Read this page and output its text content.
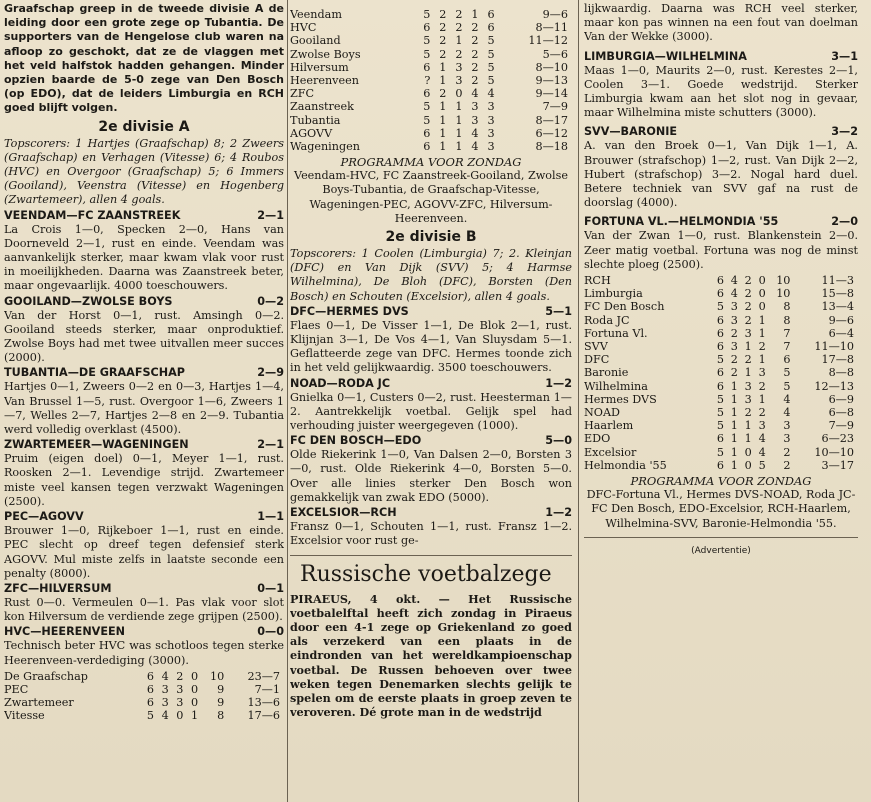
Graafschap greep in de tweede divisie A de leiding door een grote zege op Tubantia. De supporters van de Hengelose club waren na afloop zo geschokt, dat ze de vlaggen met het veld halfstok hadden gehangen. Minder opzien baarde de 5-0 zege van Den Bosch (op EDO), dat de leiders Limburgia en RCH goed blijft volgen.

2e divisie A

Topscorers: 1 Hartjes (Graafschap) 8; 2 Zweers (Graafschap) en Verhagen (Vitesse) 6; 4 Roubos (HVC) en Overgoor (Graafschap) 5; 6 Immers (Gooiland), Veenstra (Vitesse) en Hogenberg (Zwartemeer), allen 4 goals.

VEENDAM—FC ZAANSTREEK	2—1

La Crois 1—0, Specken 2—0, Hans van Doorneveld 2—1, rust en einde. Veendam was aanvankelijk sterker, maar kwam vlak voor rust in moeilijkheden. Daarna was Zaanstreek beter, maar ongevaarlijk. 4000 toeschouwers.

GOOILAND—ZWOLSE BOYS	0—2

Van der Horst 0—1, rust. Amsingh 0—2. Gooiland steeds sterker, maar onproduktief. Zwolse Boys had met twee uitvallen meer succes (2000).

TUBANTIA—DE GRAAFSCHAP	2—9

Hartjes 0—1, Zweers 0—2 en 0—3, Hartjes 1—4, Van Brussel 1—5, rust. Overgoor 1—6, Zweers 1—7, Welles 2—7, Hartjes 2—8 en 2—9. Tubantia werd volledig overklast (4500).

ZWARTEMEER—WAGENINGEN	2—1

Pruim (eigen doel) 0—1, Meyer 1—1, rust. Roosken 2—1. Levendige strijd. Zwartemeer miste veel kansen tegen verzwakt Wageningen (2500).

PEC—AGOVV	1—1

Brouwer 1—0, Rijkeboer 1—1, rust en einde. PEC slecht op dreef tegen defensief sterk AGOVV. Mul miste zelfs in laatste seconde een penalty (8000).

ZFC—HILVERSUM	0—1

Rust 0—0. Vermeulen 0—1. Pas vlak voor slot kon Hilversum de verdiende zege grijpen (2500).

HVC—HEERENVEEN	0—0

Technisch beter HVC was schotloos tegen sterke Heerenveen-verdediging (3000).

De Graafschap	6	4	2	0	10	23—7
PEC	6	3	3	0	9	7—1
Zwartemeer	6	3	3	0	9	13—6
Vitesse	5	4	0	1	8	17—6
Veendam	5	2	2	1	6	9—6
HVC	6	2	2	2	6	8—11
Gooiland	5	2	1	2	5	11—12
Zwolse Boys	5	2	2	2	5	5—6
Hilversum	6	1	3	2	5	8—10
Heerenveen	?	1	3	2	5	9—13
ZFC	6	2	0	4	4	9—14
Zaanstreek	5	1	1	3	3	7—9
Tubantia	5	1	1	3	3	8—17
AGOVV	6	1	1	4	3	6—12
Wageningen	6	1	1	4	3	8—18
PROGRAMMA VOOR ZONDAG

Veendam-HVC, FC Zaanstreek-Gooiland, Zwolse Boys-Tubantia, de Graafschap-Vitesse, Wageningen-PEC, AGOVV-ZFC, Hilversum-Heerenveen.

2e divisie B

Topscorers: 1 Coolen (Limburgia) 7; 2. Kleinjan (DFC) en Van Dijk (SVV) 5; 4 Harmse Wilhelmina), De Bloh (DFC), Borsten (Den Bosch) en Schouten (Excelsior), allen 4 goals.

DFC—HERMES DVS	5—1

Flaes 0—1, De Visser 1—1, De Blok 2—1, rust. Klijnjan 3—1, De Vos 4—1, Van Sluysdam 5—1. Geflatteerde zege van DFC. Hermes toonde zich in het veld gelijkwaardig. 3500 toeschouwers.

NOAD—RODA JC	1—2

Gnielka 0—1, Custers 0—2, rust. Heesterman 1—2. Aantrekkelijk voetbal. Gelijk spel had verhouding juister weergegeven (1000).

FC DEN BOSCH—EDO	5—0

Olde Riekerink 1—0, Van Dalsen 2—0, Borsten 3—0, rust. Olde Riekerink 4—0, Borsten 5—0. Over alle linies sterker Den Bosch won gemakkelijk van zwak EDO (5000).

EXCELSIOR—RCH	1—2

Fransz 0—1, Schouten 1—1, rust. Fransz 1—2. Excelsior voor rust ge-

Russische voetbalzege

PIRAEUS, 4 okt. — Het Russische voetbalelftal heeft zich zondag in Piraeus door een 4-1 zege op Griekenland zo goed als verzekerd van een plaats in de eindronden van het wereldkampioenschap voetbal. De Russen behoeven over twee weken tegen Denemarken slechts gelijk te spelen om de eerste plaats in groep zeven te veroveren. Dé grote man in de wedstrijd

lijkwaardig. Daarna was RCH veel sterker, maar kon pas winnen na een fout van doelman Van der Wekke (3000).

LIMBURGIA—WILHELMINA	3—1

Maas 1—0, Maurits 2—0, rust. Kerestes 2—1, Coolen 3—1. Goede wedstrijd. Sterker Limburgia kwam aan het slot nog in gevaar, maar Wilhelmina miste schutters (3000).

SVV—BARONIE	3—2

A. van den Broek 0—1, Van Dijk 1—1, A. Brouwer (strafschop) 1—2, rust. Van Dijk 2—2, Hubert (strafschop) 3—2. Nogal hard duel. Betere techniek van SVV gaf na rust de doorslag (4000).

FORTUNA VL.—HELMONDIA '55	2—0

Van der Zwan 1—0, rust. Blankenstein 2—0. Zeer matig voetbal. Fortuna was nog de minst slechte ploeg (2500).

RCH	6	4	2	0	10	11—3
Limburgia	6	4	2	0	10	15—8
FC Den Bosch	5	3	2	0	8	13—4
Roda JC	6	3	2	1	8	9—6
Fortuna Vl.	6	2	3	1	7	6—4
SVV	6	3	1	2	7	11—10
DFC	5	2	2	1	6	17—8
Baronie	6	2	1	3	5	8—8
Wilhelmina	6	1	3	2	5	12—13
Hermes DVS	5	1	3	1	4	6—9
NOAD	5	1	2	2	4	6—8
Haarlem	5	1	1	3	3	7—9
EDO	6	1	1	4	3	6—23
Excelsior	5	1	0	4	2	10—10
Helmondia '55	6	1	0	5	2	3—17
PROGRAMMA VOOR ZONDAG

DFC-Fortuna Vl., Hermes DVS-NOAD, Roda JC-FC Den Bosch, EDO-Excelsior, RCH-Haarlem, Wilhelmina-SVV, Baronie-Helmondia '55.

(Advertentie)
